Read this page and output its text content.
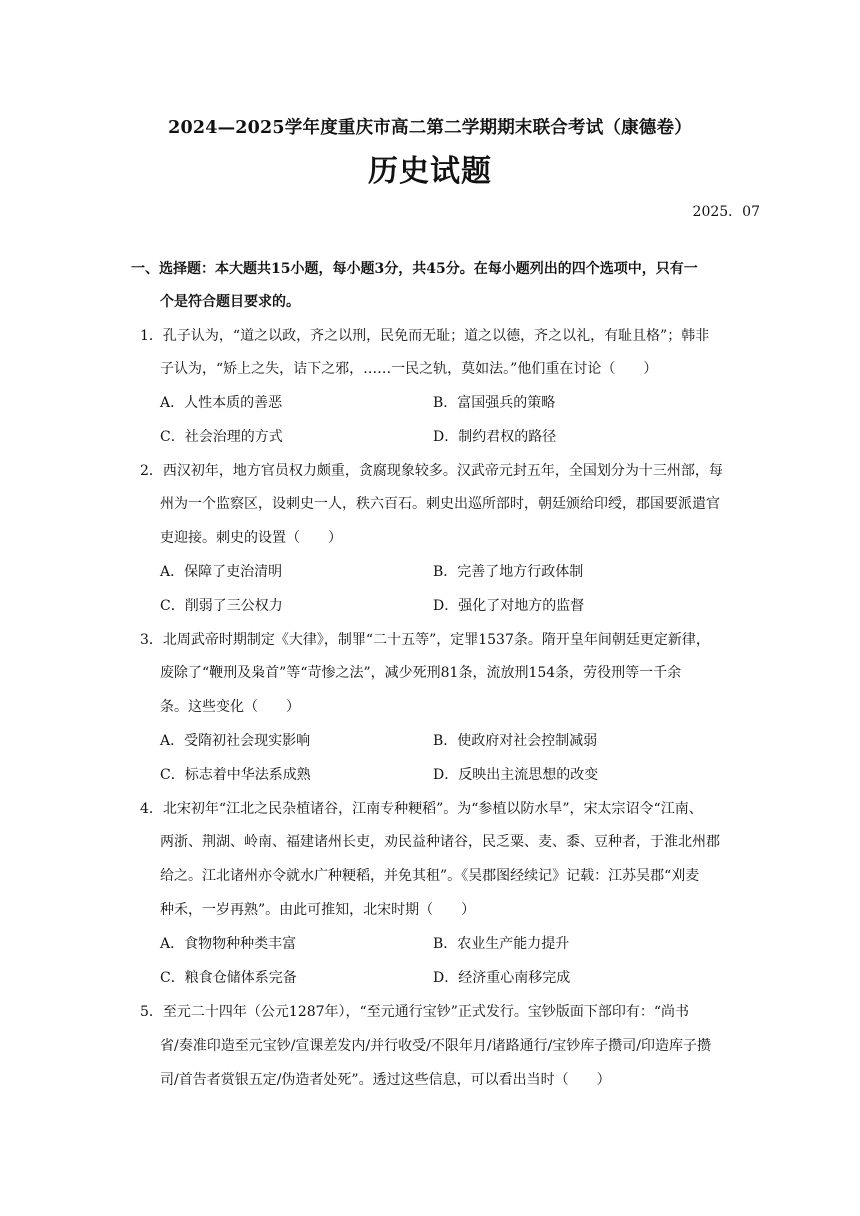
2024—2025学年度重庆市高二第二学期期末联合考试（康德卷）
历史试题
2025．07
一、选择题：本大题共15小题，每小题3分，共45分。在每小题列出的四个选项中，只有一
个是符合题目要求的。
1．孔子认为，“道之以政，齐之以刑，民免而无耻；道之以德，齐之以礼，有耻且格”；韩非
子认为，“矫上之失，诘下之邪，……一民之轨，莫如法。”他们重在讨论（　　）
A．人性本质的善恶	B．富国强兵的策略
C．社会治理的方式	D．制约君权的路径
2．西汉初年，地方官员权力颇重，贪腐现象较多。汉武帝元封五年，全国划分为十三州部，每
州为一个监察区，设刺史一人，秩六百石。刺史出巡所部时，朝廷颁给印绶，郡国要派遣官
吏迎接。刺史的设置（　　）
A．保障了吏治清明	B．完善了地方行政体制
C．削弱了三公权力	D．强化了对地方的监督
3．北周武帝时期制定《大律》，制罪“二十五等”，定罪1537条。隋开皇年间朝廷更定新律，
废除了“鞭刑及枭首”等“苛惨之法”，减少死刑81条，流放刑154条，劳役刑等一千余
条。这些变化（　　）
A．受隋初社会现实影响	B．使政府对社会控制减弱
C．标志着中华法系成熟	D．反映出主流思想的改变
4．北宋初年“江北之民杂植诸谷，江南专种粳稻”。为“参植以防水旱”，宋太宗诏令“江南、
两浙、荆湖、岭南、福建诸州长吏，劝民益种诸谷，民乏粟、麦、黍、豆种者，于淮北州郡
给之。江北诸州亦令就水广种粳稻，并免其租”。《吴郡图经续记》记载：江苏吴郡“刈麦
种禾，一岁再熟”。由此可推知，北宋时期（　　）
A．食物物种种类丰富	B．农业生产能力提升
C．粮食仓储体系完备	D．经济重心南移完成
5．至元二十四年（公元1287年），“至元通行宝钞”正式发行。宝钞版面下部印有：“尚书
省/奏准印造至元宝钞/宣课差发内/并行收受/不限年月/诸路通行/宝钞库子攒司/印造库子攒
司/首告者赏银五定/伪造者处死”。透过这些信息，可以看出当时（　　）
